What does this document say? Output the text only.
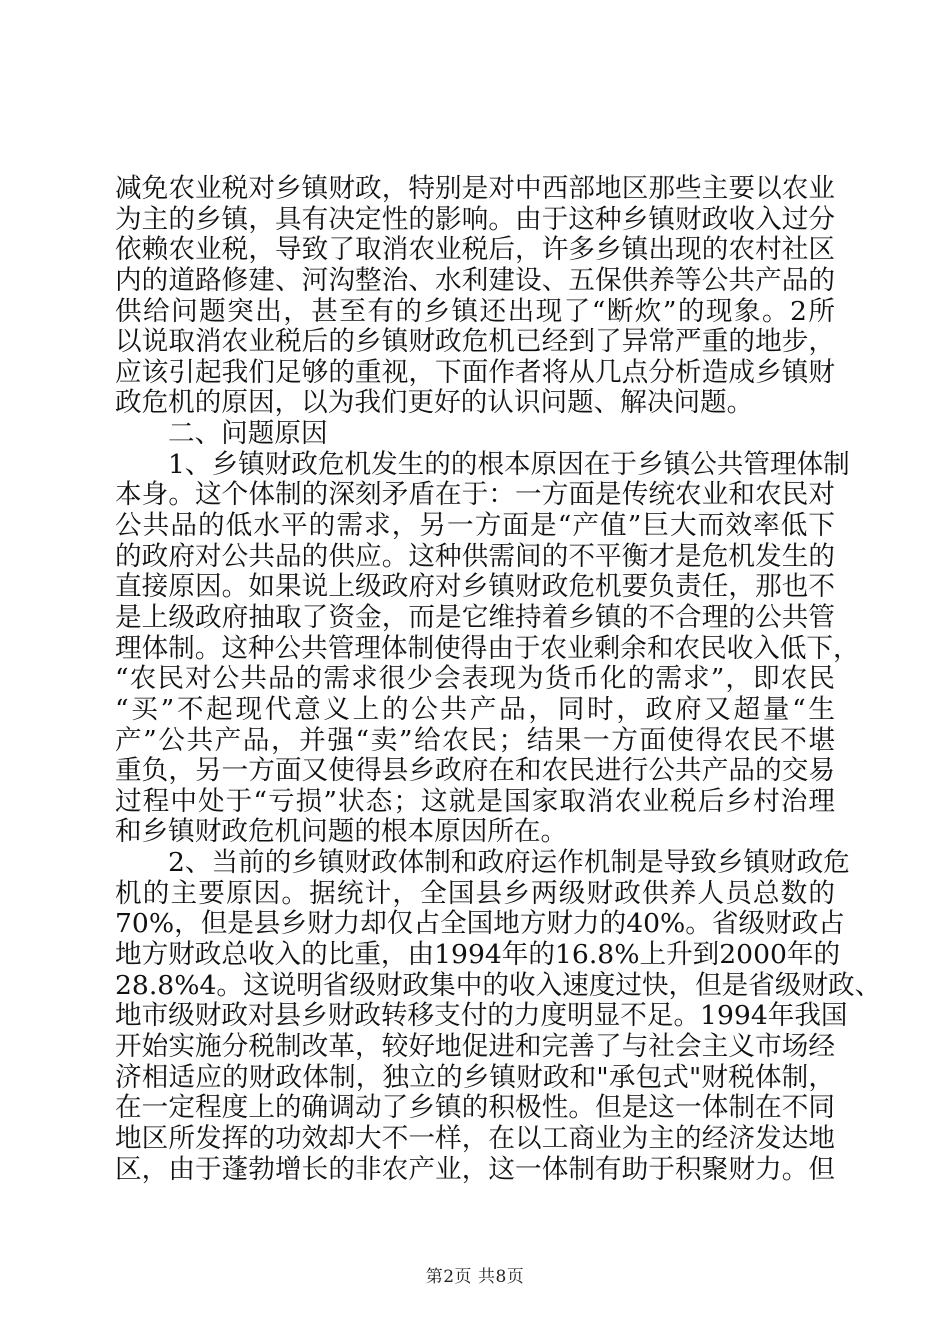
减免农业税对乡镇财政，特别是对中西部地区那些主要以农业
为主的乡镇，具有决定性的影响。由于这种乡镇财政收入过分
依赖农业税，导致了取消农业税后，许多乡镇出现的农村社区
内的道路修建、河沟整治、水利建设、五保供养等公共产品的
供给问题突出，甚至有的乡镇还出现了“断炊”的现象。2所
以说取消农业税后的乡镇财政危机已经到了异常严重的地步，
应该引起我们足够的重视，下面作者将从几点分析造成乡镇财
政危机的原因，以为我们更好的认识问题、解决问题。
二、问题原因
1、乡镇财政危机发生的的根本原因在于乡镇公共管理体制
本身。这个体制的深刻矛盾在于：一方面是传统农业和农民对
公共品的低水平的需求，另一方面是“产值”巨大而效率低下
的政府对公共品的供应。这种供需间的不平衡才是危机发生的
直接原因。如果说上级政府对乡镇财政危机要负责任，那也不
是上级政府抽取了资金，而是它维持着乡镇的不合理的公共管
理体制。这种公共管理体制使得由于农业剩余和农民收入低下，
“农民对公共品的需求很少会表现为货币化的需求”，即农民
“买”不起现代意义上的公共产品，同时，政府又超量“生
产”公共产品，并强“卖”给农民；结果一方面使得农民不堪
重负，另一方面又使得县乡政府在和农民进行公共产品的交易
过程中处于“亏损”状态；这就是国家取消农业税后乡村治理
和乡镇财政危机问题的根本原因所在。
2、当前的乡镇财政体制和政府运作机制是导致乡镇财政危
机的主要原因。据统计，全国县乡两级财政供养人员总数的
70%，但是县乡财力却仅占全国地方财力的40%。省级财政占
地方财政总收入的比重，由1994年的16.8%上升到2000年的
28.8%4。这说明省级财政集中的收入速度过快，但是省级财政、
地市级财政对县乡财政转移支付的力度明显不足。1994年我国
开始实施分税制改革，较好地促进和完善了与社会主义市场经
济相适应的财政体制，独立的乡镇财政和"承包式"财税体制，
在一定程度上的确调动了乡镇的积极性。但是这一体制在不同
地区所发挥的功效却大不一样，在以工商业为主的经济发达地
区，由于蓬勃增长的非农产业，这一体制有助于积聚财力。但
第2页 共8页
